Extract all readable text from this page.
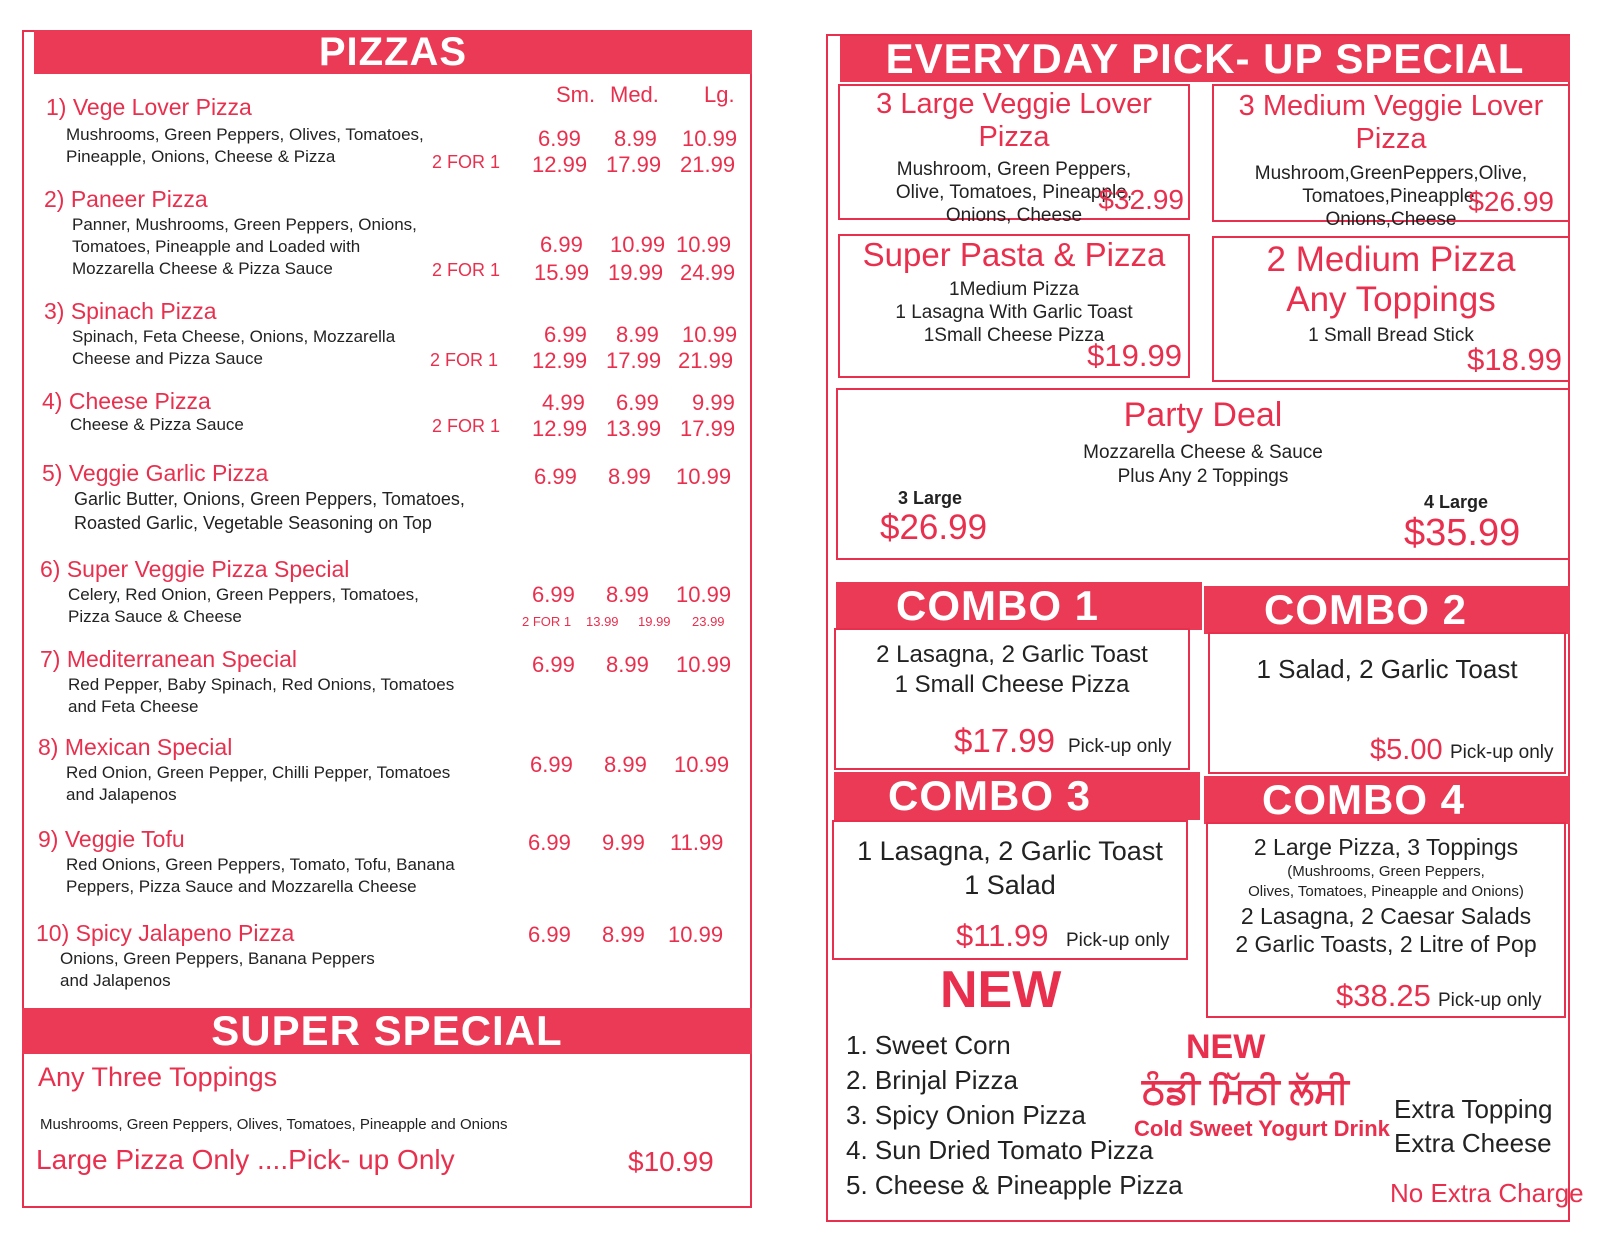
PIZZAS
Sm. Med. Lg.
1) Vege Lover Pizza
Mushrooms, Green Peppers, Olives, Tomatoes,
Pineapple, Onions, Cheese & Pizza
6.99 8.99 10.99
2 FOR 1 12.99 17.99 21.99
2) Paneer Pizza
Panner, Mushrooms, Green Peppers, Onions,
Tomatoes, Pineapple and Loaded with
Mozzarella Cheese & Pizza Sauce
6.99 10.99 10.99
2 FOR 1 15.99 19.99 24.99
3) Spinach Pizza
Spinach, Feta Cheese, Onions, Mozzarella
Cheese and Pizza Sauce
6.99 8.99 10.99
2 FOR 1 12.99 17.99 21.99
4) Cheese Pizza
Cheese & Pizza Sauce
4.99 6.99 9.99
2 FOR 1 12.99 13.99 17.99
5) Veggie Garlic Pizza	6.99 8.99 10.99
Garlic Butter, Onions, Green Peppers, Tomatoes,
Roasted Garlic, Vegetable Seasoning on Top
6) Super Veggie Pizza Special
Celery, Red Onion, Green Peppers, Tomatoes,
Pizza Sauce & Cheese
6.99 8.99 10.99
2 FOR 1 13.99 19.99 23.99
7) Mediterranean Special	6.99 8.99 10.99
Red Pepper, Baby Spinach, Red Onions, Tomatoes
and Feta Cheese
8) Mexican Special
6.99 8.99 10.99
Red Onion, Green Pepper, Chilli Pepper, Tomatoes
and Jalapenos
9) Veggie Tofu	6.99 9.99 11.99
Red Onions, Green Peppers, Tomato, Tofu, Banana
Peppers, Pizza Sauce and Mozzarella Cheese
10) Spicy Jalapeno Pizza	6.99 8.99 10.99
Onions, Green Peppers, Banana Peppers
and Jalapenos
SUPER SPECIAL
Any Three Toppings
Mushrooms, Green Peppers, Olives, Tomatoes, Pineapple and Onions
Large Pizza Only ....Pick- up Only	$10.99
EVERYDAY PICK- UP SPECIAL
3 Large Veggie Lover Pizza
Mushroom, Green Peppers,
Olive, Tomatoes, Pineapple,
Onions, Cheese
$32.99
3 Medium Veggie Lover Pizza
Mushroom,GreenPeppers,Olive,
Tomatoes,Pineapple,
Onions,Cheese
$26.99
Super Pasta & Pizza
1Medium Pizza
1 Lasagna With Garlic Toast
1Small Cheese Pizza
$19.99
2 Medium Pizza
Any Toppings
1 Small Bread Stick
$18.99
Party Deal
Mozzarella Cheese & Sauce
Plus Any 2 Toppings
3 Large
$26.99
4 Large
$35.99
COMBO 1	COMBO 2
2 Lasagna, 2 Garlic Toast
1 Small Cheese Pizza
$17.99 Pick-up only
1 Salad, 2 Garlic Toast
$5.00 Pick-up only
COMBO 3	COMBO 4
1 Lasagna, 2 Garlic Toast
1 Salad
$11.99 Pick-up only
2 Large Pizza, 3 Toppings
(Mushrooms, Green Peppers,
Olives, Tomatoes, Pineapple and Onions)
2 Lasagna, 2 Caesar Salads
2 Garlic Toasts, 2 Litre of Pop
$38.25 Pick-up only
NEW
1. Sweet Corn
2. Brinjal Pizza
3. Spicy Onion Pizza
4. Sun Dried Tomato Pizza
5. Cheese & Pineapple Pizza
NEW
ਠੰਡੀ ਮਿੱਠੀ ਲੱਸੀ
Cold Sweet Yogurt Drink
Extra Topping
Extra Cheese
No Extra Charge
